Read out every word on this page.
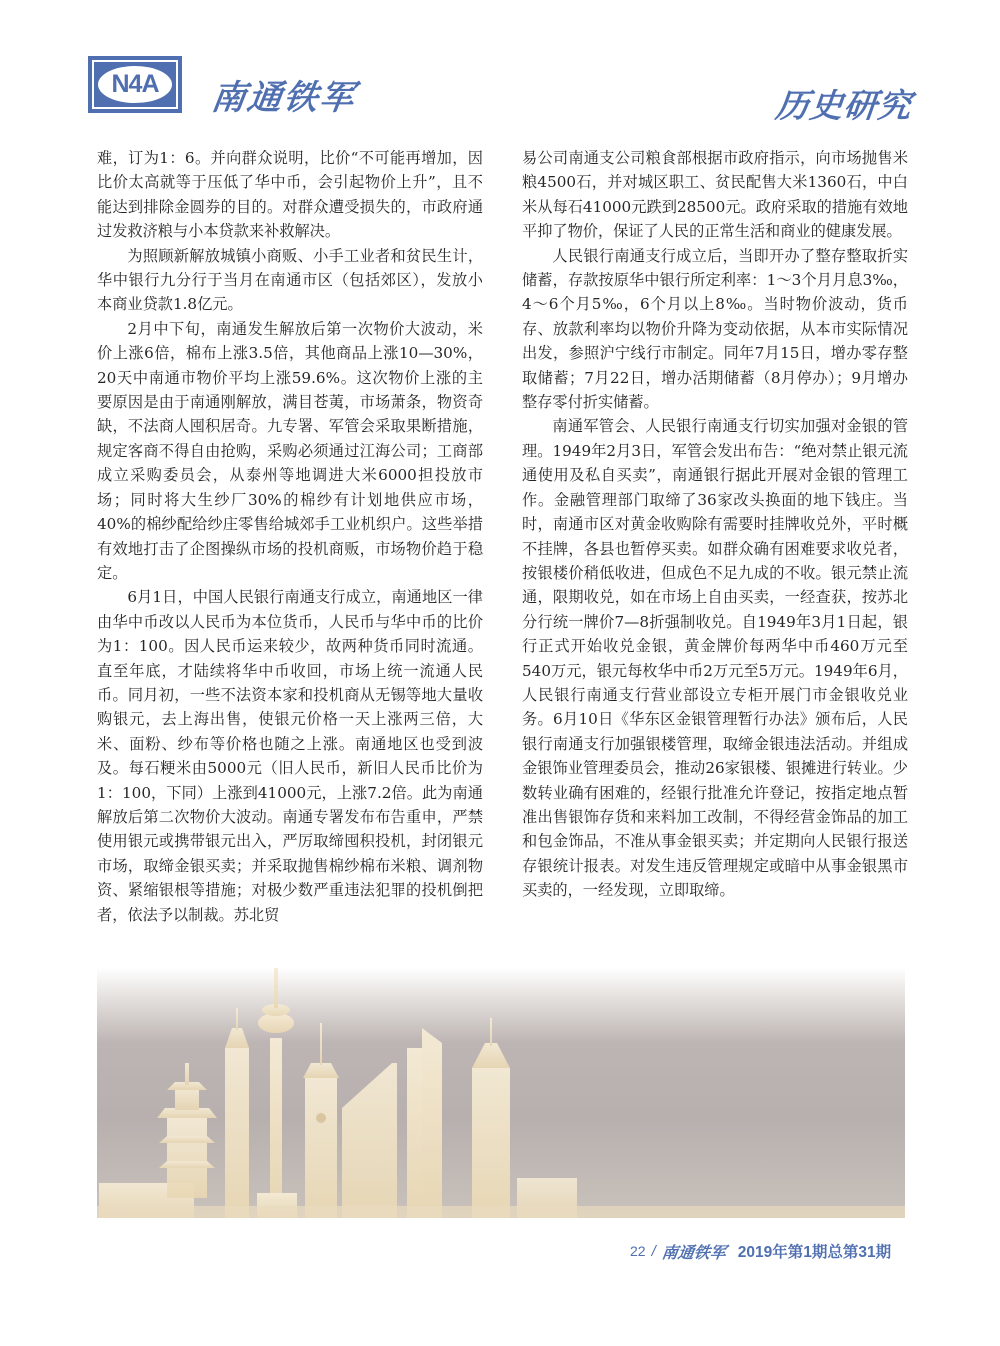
N4A	南通铁军	历史研究

难，订为1：6。并向群众说明，比价“不可能再增加，因比价太高就等于压低了华中币，会引起物价上升”，且不能达到排除金圆券的目的。对群众遭受损失的，市政府通过发救济粮与小本贷款来补救解决。

为照顾新解放城镇小商贩、小手工业者和贫民生计，华中银行九分行于当月在南通市区（包括郊区），发放小本商业贷款1.8亿元。

2月中下旬，南通发生解放后第一次物价大波动，米价上涨6倍，棉布上涨3.5倍，其他商品上涨10—30%，20天中南通市物价平均上涨59.6%。这次物价上涨的主要原因是由于南通刚解放，满目苍荑，市场萧条，物资奇缺，不法商人囤积居奇。九专署、军管会采取果断措施，规定客商不得自由抢购，采购必须通过江海公司；工商部成立采购委员会，从泰州等地调进大米6000担投放市场；同时将大生纱厂30%的棉纱有计划地供应市场，40%的棉纱配给纱庄零售给城郊手工业机织户。这些举措有效地打击了企图操纵市场的投机商贩，市场物价趋于稳定。

6月1日，中国人民银行南通支行成立，南通地区一律由华中币改以人民币为本位货币，人民币与华中币的比价为1：100。因人民币运来较少，故两种货币同时流通。直至年底，才陆续将华中币收回，市场上统一流通人民币。同月初，一些不法资本家和投机商从无锡等地大量收购银元，去上海出售，使银元价格一天上涨两三倍，大米、面粉、纱布等价格也随之上涨。南通地区也受到波及。每石粳米由5000元（旧人民币，新旧人民币比价为1：100，下同）上涨到41000元，上涨7.2倍。此为南通解放后第二次物价大波动。南通专署发布布告重申，严禁使用银元或携带银元出入，严厉取缔囤积投机，封闭银元市场，取缔金银买卖；并采取抛售棉纱棉布米粮、调剂物资、紧缩银根等措施；对极少数严重违法犯罪的投机倒把者，依法予以制裁。苏北贸

易公司南通支公司粮食部根据市政府指示，向市场抛售米粮4500石，并对城区职工、贫民配售大米1360石，中白米从每石41000元跌到28500元。政府采取的措施有效地平抑了物价，保证了人民的正常生活和商业的健康发展。

人民银行南通支行成立后，当即开办了整存整取折实储蓄，存款按原华中银行所定利率：1～3个月月息3‰，4～6个月5‰，6个月以上8‰。当时物价波动，货币存、放款利率均以物价升降为变动依据，从本市实际情况出发，参照沪宁线行市制定。同年7月15日，增办零存整取储蓄；7月22日，增办活期储蓄（8月停办）；9月增办整存零付折实储蓄。

南通军管会、人民银行南通支行切实加强对金银的管理。1949年2月3日，军管会发出布告：“绝对禁止银元流通使用及私自买卖”，南通银行据此开展对金银的管理工作。金融管理部门取缔了36家改头换面的地下钱庄。当时，南通市区对黄金收购除有需要时挂牌收兑外，平时概不挂牌，各县也暂停买卖。如群众确有困难要求收兑者，按银楼价稍低收进，但成色不足九成的不收。银元禁止流通，限期收兑，如在市场上自由买卖，一经查获，按苏北分行统一牌价7—8折强制收兑。自1949年3月1日起，银行正式开始收兑金银，黄金牌价每两华中币460万元至540万元，银元每枚华中币2万元至5万元。1949年6月，人民银行南通支行营业部设立专柜开展门市金银收兑业务。6月10日《华东区金银管理暂行办法》颁布后，人民银行南通支行加强银楼管理，取缔金银违法活动。并组成金银饰业管理委员会，推动26家银楼、银摊进行转业。少数转业确有困难的，经银行批准允许登记，按指定地点暂准出售银饰存货和来料加工改制，不得经营金饰品的加工和包金饰品，不准从事金银买卖；并定期向人民银行报送存银统计报表。对发生违反管理规定或暗中从事金银黑市买卖的，一经发现，立即取缔。

22 / 南通铁军 2019年第1期总第31期
